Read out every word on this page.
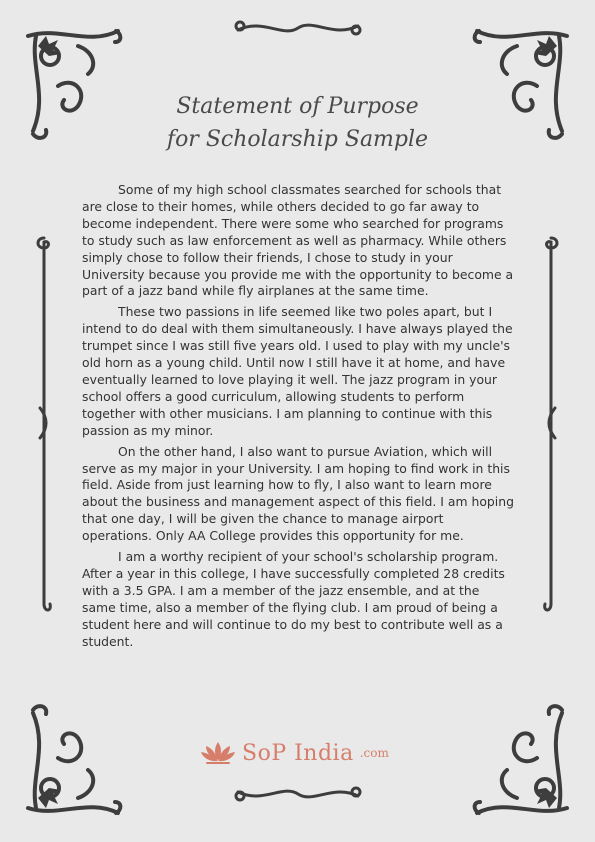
Statement of Purpose
for Scholarship Sample

Some of my high school classmates searched for schools that are close to their homes, while others decided to go far away to become independent. There were some who searched for programs to study such as law enforcement as well as pharmacy. While others simply chose to follow their friends, I chose to study in your University because you provide me with the opportunity to become a part of a jazz band while fly airplanes at the same time.

These two passions in life seemed like two poles apart, but I intend to do deal with them simultaneously. I have always played the trumpet since I was still five years old. I used to play with my uncle's old horn as a young child. Until now I still have it at home, and have eventually learned to love playing it well. The jazz program in your school offers a good curriculum, allowing students to perform together with other musicians. I am planning to continue with this passion as my minor.

On the other hand, I also want to pursue Aviation, which will serve as my major in your University. I am hoping to find work in this field. Aside from just learning how to fly, I also want to learn more about the business and management aspect of this field. I am hoping that one day, I will be given the chance to manage airport operations. Only AA College provides this opportunity for me.

I am a worthy recipient of your school's scholarship program. After a year in this college, I have successfully completed 28 credits with a 3.5 GPA. I am a member of the jazz ensemble, and at the same time, also a member of the flying club. I am proud of being a student here and will continue to do my best to contribute well as a student.

SoP India .com
